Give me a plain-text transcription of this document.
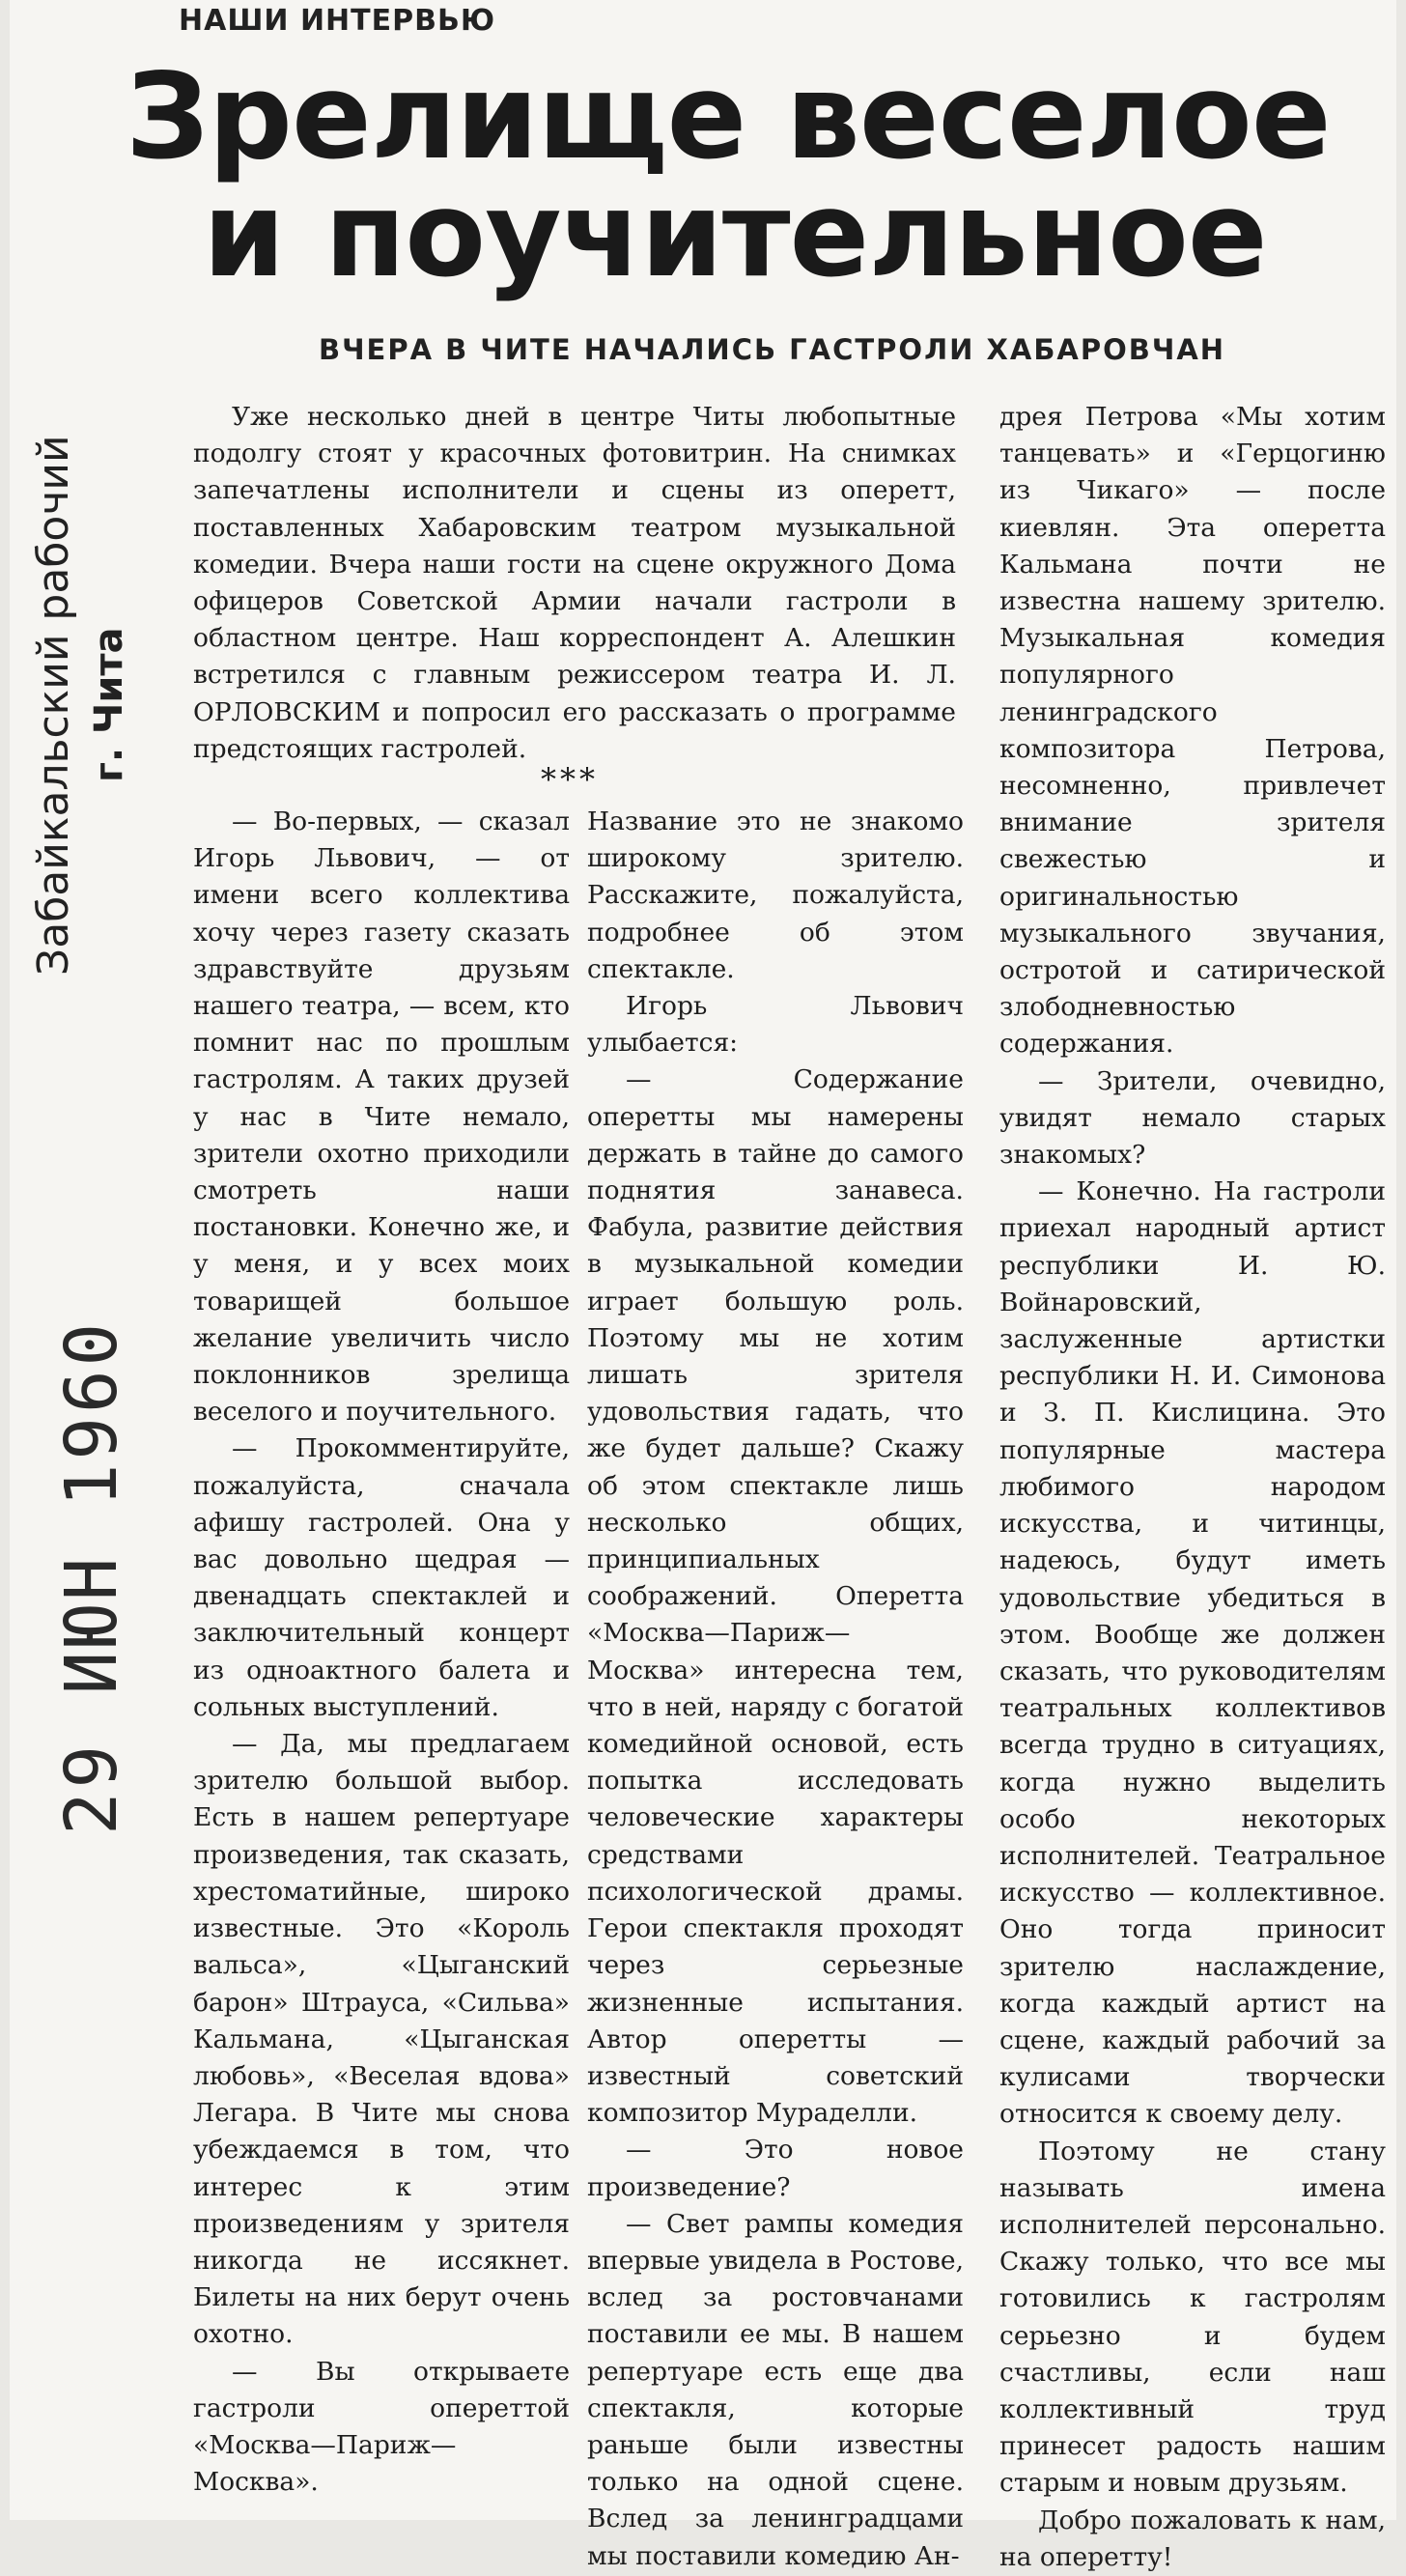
НАШИ ИНТЕРВЬЮ
Зрелище веселое
и поучительное
ВЧЕРА В ЧИТЕ НАЧАЛИСЬ ГАСТРОЛИ ХАБАРОВЧАН
Забайкальский рабочий г. Чита
29 ИЮН 1960

Уже несколько дней в центре Читы любопытные подолгу стоят у красочных фотовитрин. На снимках запечатлены исполнители и сцены из оперетт, поставленных Хабаровским театром музыкальной комедии. Вчера наши гости на сцене окружного Дома офицеров Советской Армии начали гастроли в областном центре. Наш корреспондент А. Алешкин встретился с главным режиссером театра И. Л. ОРЛОВСКИМ и попросил его рассказать о программе предстоящих гастролей.

***

— Во-первых, — сказал Игорь Львович, — от имени всего коллектива хочу через газету сказать здравствуйте друзьям нашего театра, — всем, кто помнит нас по прошлым гастролям. А таких друзей у нас в Чите немало, зрители охотно приходили смотреть наши постановки. Конечно же, и у меня, и у всех моих товарищей большое желание увеличить число поклонников зрелища веселого и поучительного.

— Прокомментируйте, пожалуйста, сначала афишу гастролей. Она у вас довольно щедрая — двенадцать спектаклей и заключительный концерт из одноактного балета и сольных выступлений.

— Да, мы предлагаем зрителю большой выбор. Есть в нашем репертуаре произведения, так сказать, хрестоматийные, широко известные. Это «Король вальса», «Цыганский барон» Штрауса, «Сильва» Кальмана, «Цыганская любовь», «Веселая вдова» Легара. В Чите мы снова убеждаемся в том, что интерес к этим произведениям у зрителя никогда не иссякнет. Билеты на них берут очень охотно.

— Вы открываете гастроли опереттой «Москва—Париж—Москва».

Название это не знакомо широкому зрителю. Расскажите, пожалуйста, подробнее об этом спектакле.

Игорь Львович улыбается:

— Содержание оперетты мы намерены держать в тайне до самого поднятия занавеса. Фабула, развитие действия в музыкальной комедии играет большую роль. Поэтому мы не хотим лишать зрителя удовольствия гадать, что же будет дальше? Скажу об этом спектакле лишь несколько общих, принципиальных соображений. Оперетта «Москва—Париж—Москва» интересна тем, что в ней, наряду с богатой комедийной основой, есть попытка исследовать человеческие характеры средствами психологической драмы. Герои спектакля проходят через серьезные жизненные испытания. Автор оперетты — известный советский композитор Мураделли.

— Это новое произведение?

— Свет рампы комедия впервые увидела в Ростове, вслед за ростовчанами поставили ее мы. В нашем репертуаре есть еще два спектакля, которые раньше были известны только на одной сцене. Вслед за ленинградцами мы поставили комедию Ан-

дрея Петрова «Мы хотим танцевать» и «Герцогиню из Чикаго» — после киевлян. Эта оперетта Кальмана почти не известна нашему зрителю. Музыкальная комедия популярного ленинградского композитора Петрова, несомненно, привлечет внимание зрителя свежестью и оригинальностью музыкального звучания, остротой и сатирической злободневностью содержания.

— Зрители, очевидно, увидят немало старых знакомых?

— Конечно. На гастроли приехал народный артист республики И. Ю. Войнаровский, заслуженные артистки республики Н. И. Симонова и З. П. Кислицина. Это популярные мастера любимого народом искусства, и читинцы, надеюсь, будут иметь удовольствие убедиться в этом. Вообще же должен сказать, что руководителям театральных коллективов всегда трудно в ситуациях, когда нужно выделить особо некоторых исполнителей. Театральное искусство — коллективное. Оно тогда приносит зрителю наслаждение, когда каждый артист на сцене, каждый рабочий за кулисами творчески относится к своему делу.

Поэтому не стану называть имена исполнителей персонально. Скажу только, что все мы готовились к гастролям серьезно и будем счастливы, если наш коллективный труд принесет радость нашим старым и новым друзьям.

Добро пожаловать к нам, на оперетту!
